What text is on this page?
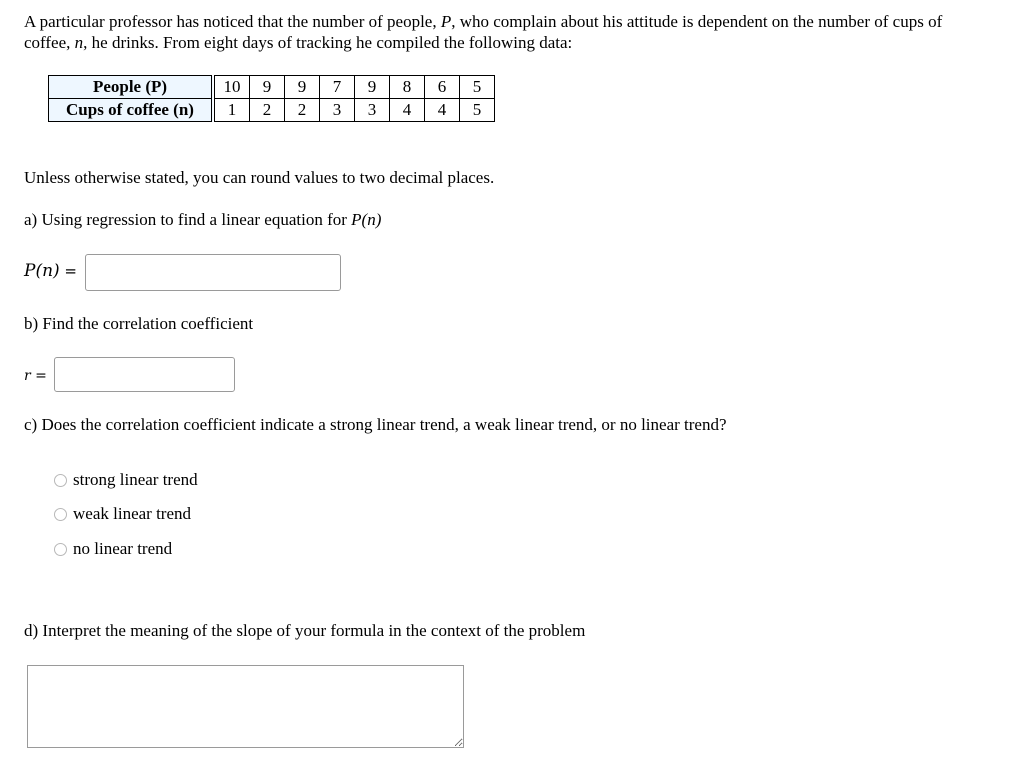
A particular professor has noticed that the number of people, P, who complain about his attitude is dependent on the number of cups of coffee, n, he drinks. From eight days of tracking he compiled the following data:
People (P)	10	9	9	7	9	8	6	5
Cups of coffee (n)	1	2	2	3	3	4	4	5
Unless otherwise stated, you can round values to two decimal places.
a) Using regression to find a linear equation for P(n)
P(n) =
b) Find the correlation coefficient
r =
c) Does the correlation coefficient indicate a strong linear trend, a weak linear trend, or no linear trend?
strong linear trend
weak linear trend
no linear trend
d) Interpret the meaning of the slope of your formula in the context of the problem
